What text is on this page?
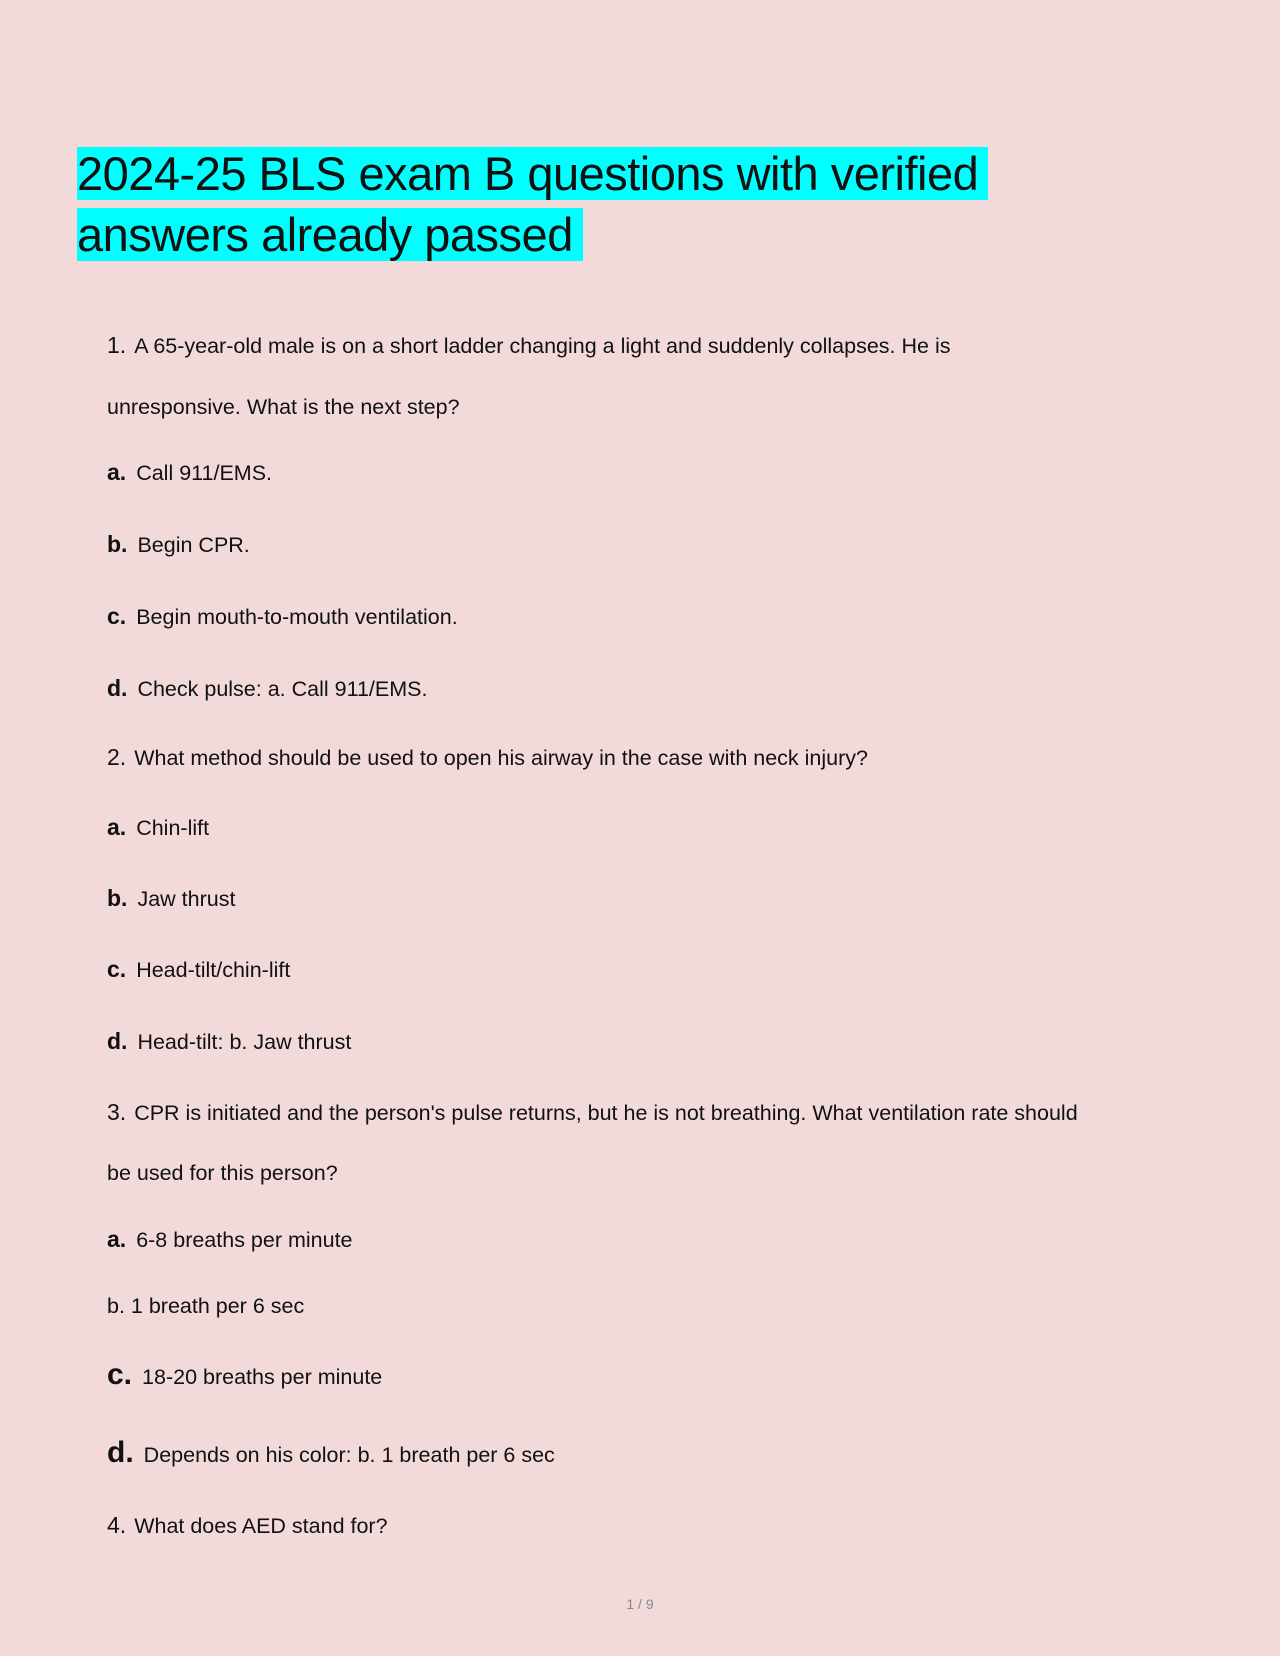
2024-25 BLS exam B questions with verified answers already passed
1. A 65-year-old male is on a short ladder changing a light and suddenly collapses. He is
unresponsive. What is the next step?
a. Call 911/EMS.
b. Begin CPR.
c. Begin mouth-to-mouth ventilation.
d. Check pulse: a. Call 911/EMS.
2. What method should be used to open his airway in the case with neck injury?
a. Chin-lift
b. Jaw thrust
c. Head-tilt/chin-lift
d. Head-tilt: b. Jaw thrust
3. CPR is initiated and the person's pulse returns, but he is not breathing. What ventilation rate should
be used for this person?
a. 6-8 breaths per minute
b. 1 breath per 6 sec
c. 18-20 breaths per minute
d. Depends on his color: b. 1 breath per 6 sec
4. What does AED stand for?
1 / 9
